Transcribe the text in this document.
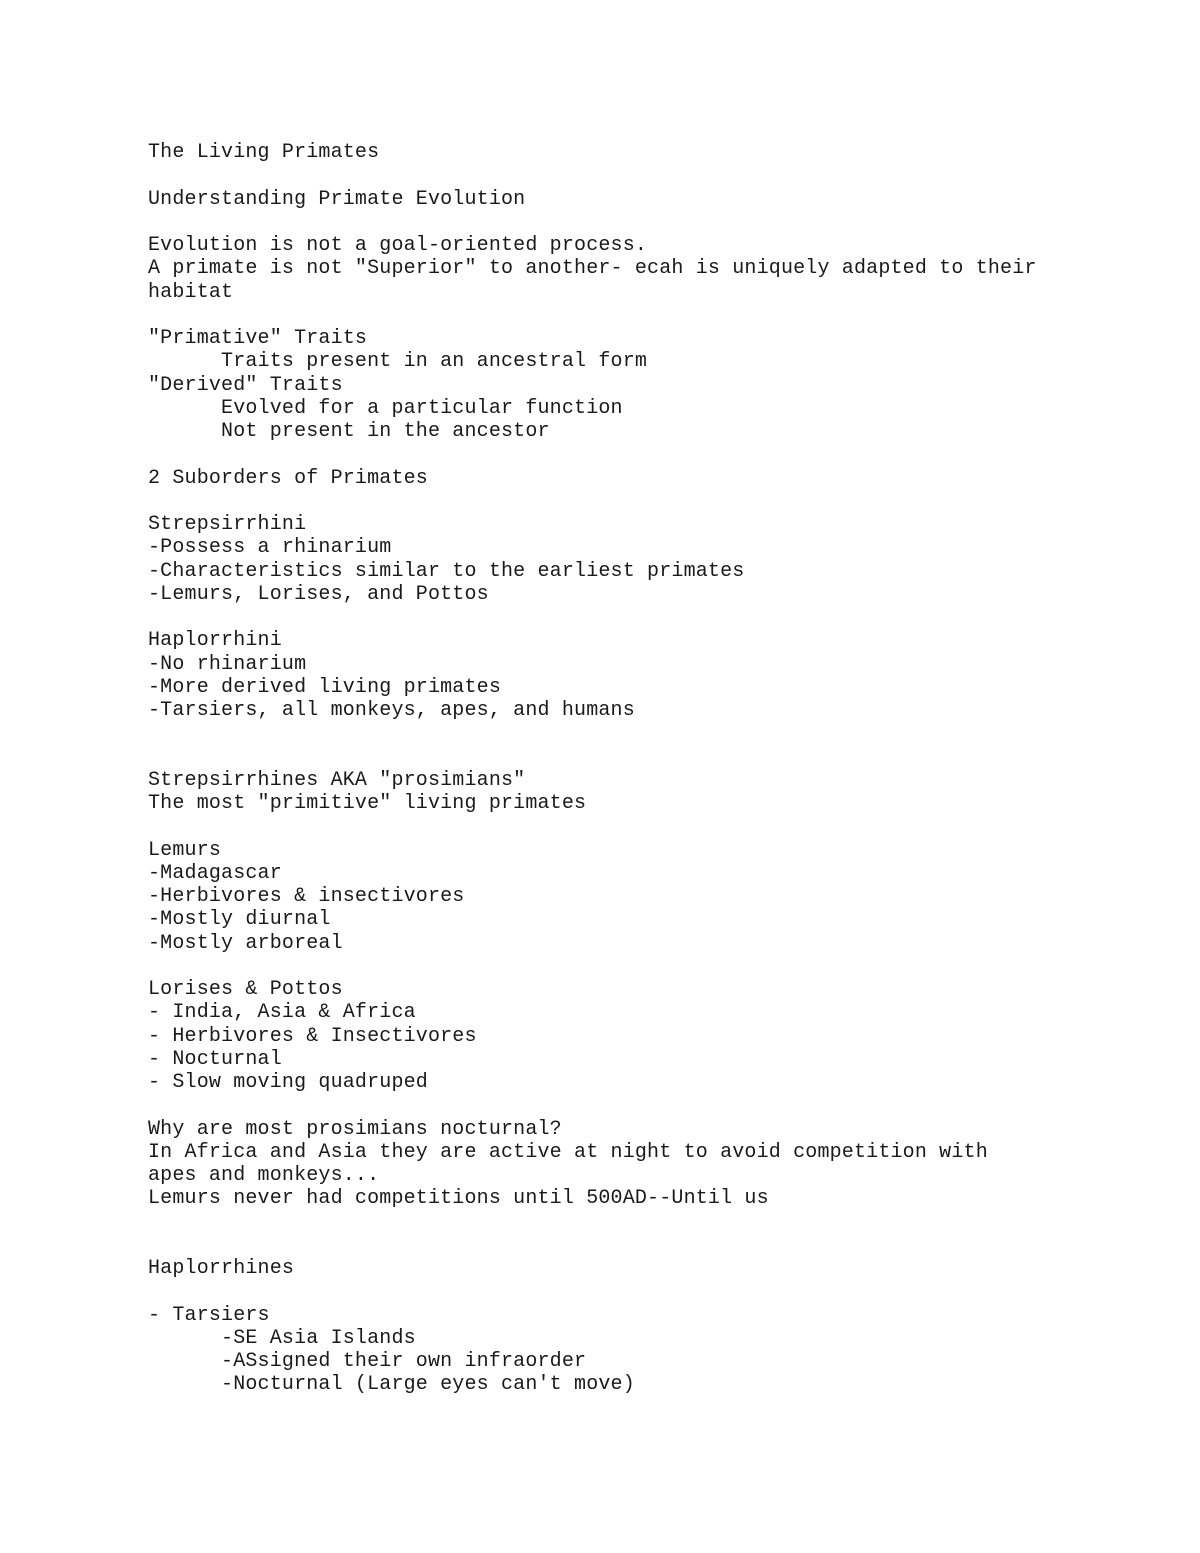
The Living Primates
Understanding Primate Evolution
Evolution is not a goal-oriented process.
A primate is not "Superior" to another- ecah is uniquely adapted to their
habitat
"Primative" Traits
Traits present in an ancestral form
"Derived" Traits
Evolved for a particular function
Not present in the ancestor
2 Suborders of Primates
Strepsirrhini
-Possess a rhinarium
-Characteristics similar to the earliest primates
-Lemurs, Lorises, and Pottos
Haplorrhini
-No rhinarium
-More derived living primates
-Tarsiers, all monkeys, apes, and humans
Strepsirrhines AKA "prosimians"
The most "primitive" living primates
Lemurs
-Madagascar
-Herbivores & insectivores
-Mostly diurnal
-Mostly arboreal
Lorises & Pottos
- India, Asia & Africa
- Herbivores & Insectivores
- Nocturnal
- Slow moving quadruped
Why are most prosimians nocturnal?
In Africa and Asia they are active at night to avoid competition with
apes and monkeys...
Lemurs never had competitions until 500AD--Until us
Haplorrhines
- Tarsiers
-SE Asia Islands
-ASsigned their own infraorder
-Nocturnal (Large eyes can't move)
